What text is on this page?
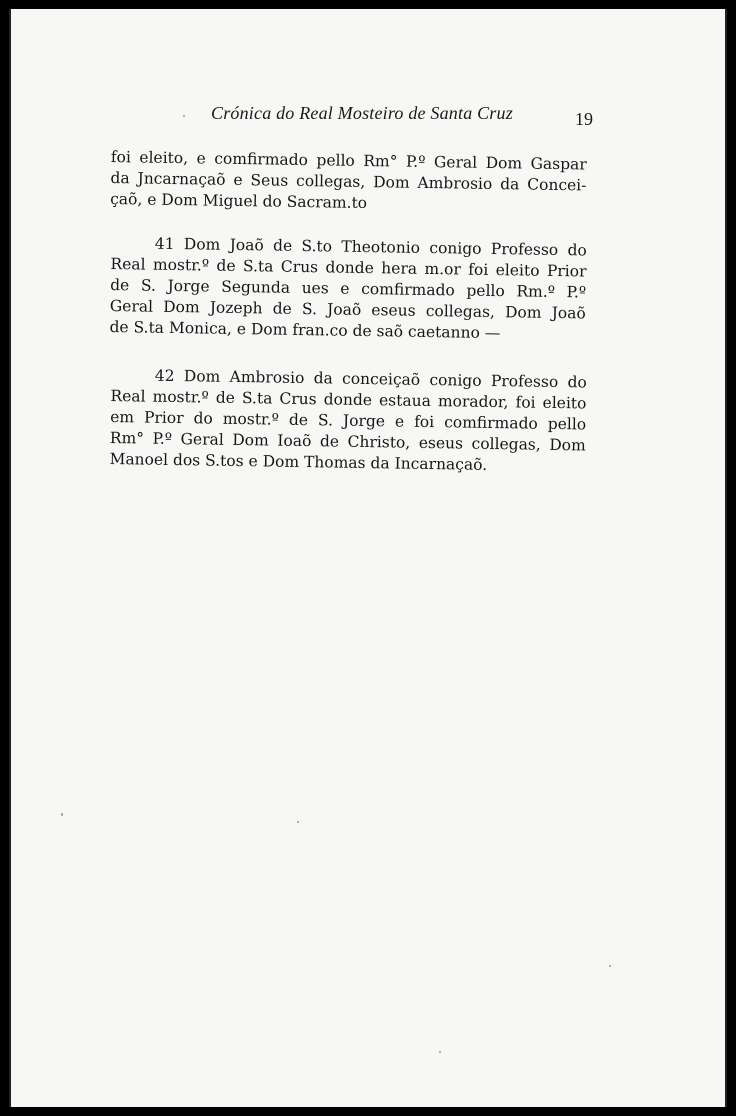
Crónica do Real Mosteiro de Santa Cruz	19
foi eleito, e comfirmado pello Rm° P.º Geral Dom Gaspar
da Jncarnaçaõ e Seus collegas, Dom Ambrosio da Concei-
çaõ, e Dom Miguel do Sacram.to
41 Dom Joaõ de S.to Theotonio conigo Professo do
Real mostr.º de S.ta Crus donde hera m.or foi eleito Prior
de S. Jorge Segunda ues e comfirmado pello Rm.º P.º
Geral Dom Jozeph de S. Joaõ eseus collegas, Dom Joaõ
de S.ta Monica, e Dom fran.co de saõ caetanno —
42 Dom Ambrosio da conceiçaõ conigo Professo do
Real mostr.º de S.ta Crus donde estaua morador, foi eleito
em Prior do mostr.º de S. Jorge e foi comfirmado pello
Rm° P.º Geral Dom Ioaõ de Christo, eseus collegas, Dom
Manoel dos S.tos e Dom Thomas da Incarnaçaõ.
